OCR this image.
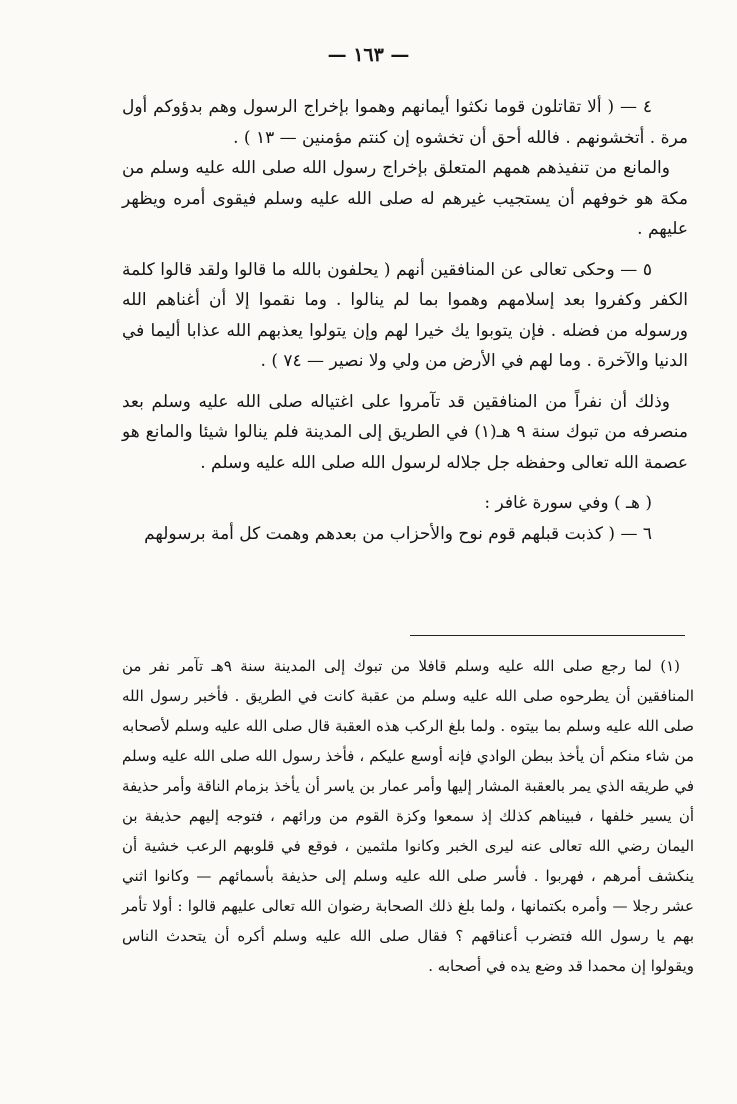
— ١٦٣ —

٤ — ( ألا تقاتلون قوما نكثوا أيمانهم وهموا بإخراج الرسول وهم بدؤوكم أول مرة . أتخشونهم . فالله أحق أن تخشوه إن كنتم مؤمنين — ١٣ ) .

والمانع من تنفيذهم همهم المتعلق بإخراج رسول الله صلى الله عليه وسلم من مكة هو خوفهم أن يستجيب غيرهم له صلى الله عليه وسلم فيقوى أمره ويظهر عليهم .

٥ — وحكى تعالى عن المنافقين أنهم ( يحلفون بالله ما قالوا ولقد قالوا كلمة الكفر وكفروا بعد إسلامهم وهموا بما لم ينالوا . وما نقموا إلا أن أغناهم الله ورسوله من فضله . فإن يتوبوا يك خيرا لهم وإن يتولوا يعذبهم الله عذابا أليما في الدنيا والآخرة . وما لهم في الأرض من ولي ولا نصير — ٧٤ ) .

وذلك أن نفراً من المنافقين قد تآمروا على اغتياله صلى الله عليه وسلم بعد منصرفه من تبوك سنة ٩ هـ(١) في الطريق إلى المدينة فلم ينالوا شيئا والمانع هو عصمة الله تعالى وحفظه جل جلاله لرسول الله صلى الله عليه وسلم .

( هـ ) وفي سورة غافر :

٦ — ( كذبت قبلهم قوم نوح والأحزاب من بعدهم وهمت كل أمة برسولهم

(١) لما رجع صلى الله عليه وسلم قافلا من تبوك إلى المدينة سنة ٩هـ تآمر نفر من المنافقين أن يطرحوه صلى الله عليه وسلم من عقبة كانت في الطريق . فأخبر رسول الله صلى الله عليه وسلم بما بيتوه . ولما بلغ الركب هذه العقبة قال صلى الله عليه وسلم لأصحابه من شاء منكم أن يأخذ ببطن الوادي فإنه أوسع عليكم ، فأخذ رسول الله صلى الله عليه وسلم في طريقه الذي يمر بالعقبة المشار إليها وأمر عمار بن ياسر أن يأخذ بزمام الناقة وأمر حذيفة أن يسير خلفها ، فبيناهم كذلك إذ سمعوا وكزة القوم من ورائهم ، فتوجه إليهم حذيفة بن اليمان رضي الله تعالى عنه ليرى الخبر وكانوا ملثمين ، فوقع في قلوبهم الرعب خشية أن ينكشف أمرهم ، فهربوا . فأسر صلى الله عليه وسلم إلى حذيفة بأسمائهم — وكانوا اثني عشر رجلا — وأمره بكتمانها ، ولما بلغ ذلك الصحابة رضوان الله تعالى عليهم قالوا : أولا تأمر بهم يا رسول الله فتضرب أعناقهم ؟ فقال صلى الله عليه وسلم أكره أن يتحدث الناس ويقولوا إن محمدا قد وضع يده في أصحابه .
